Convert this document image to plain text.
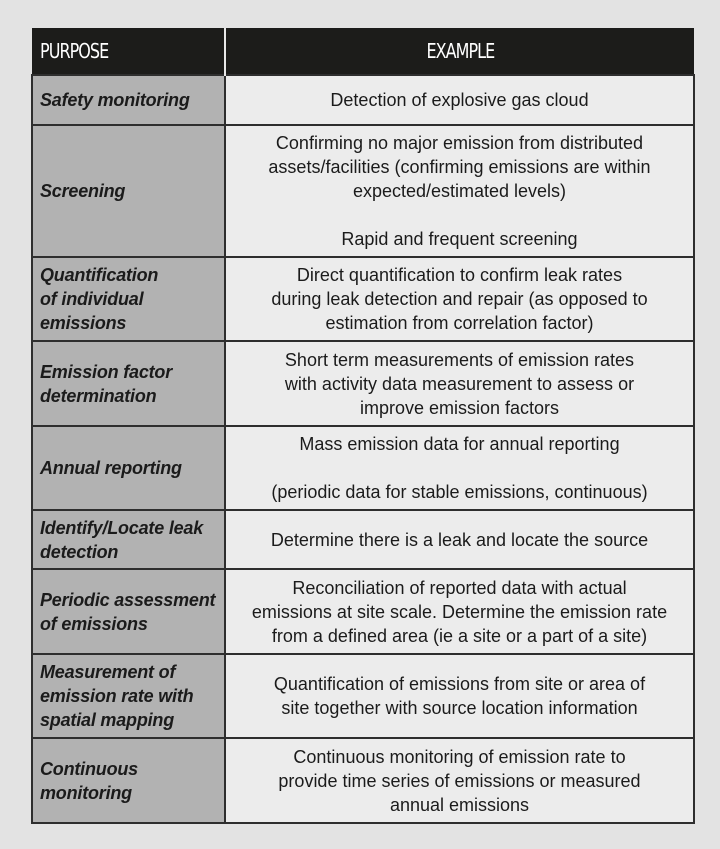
PURPOSE	EXAMPLE

Safety monitoring	Detection of explosive gas cloud

Screening	Confirming no major emission from distributed
assets/facilities (confirming emissions are within
expected/estimated levels)

Rapid and frequent screening

Quantification
of individual
emissions	Direct quantification to confirm leak rates
during leak detection and repair (as opposed to
estimation from correlation factor)

Emission factor
determination	Short term measurements of emission rates
with activity data measurement to assess or
improve emission factors

Annual reporting	Mass emission data for annual reporting

(periodic data for stable emissions, continuous)

Identify/Locate leak
detection	Determine there is a leak and locate the source

Periodic assessment
of emissions	Reconciliation of reported data with actual
emissions at site scale. Determine the emission rate
from a defined area (ie a site or a part of a site)

Measurement of
emission rate with
spatial mapping	Quantification of emissions from site or area of
site together with source location information

Continuous
monitoring	Continuous monitoring of emission rate to
provide time series of emissions or measured
annual emissions
